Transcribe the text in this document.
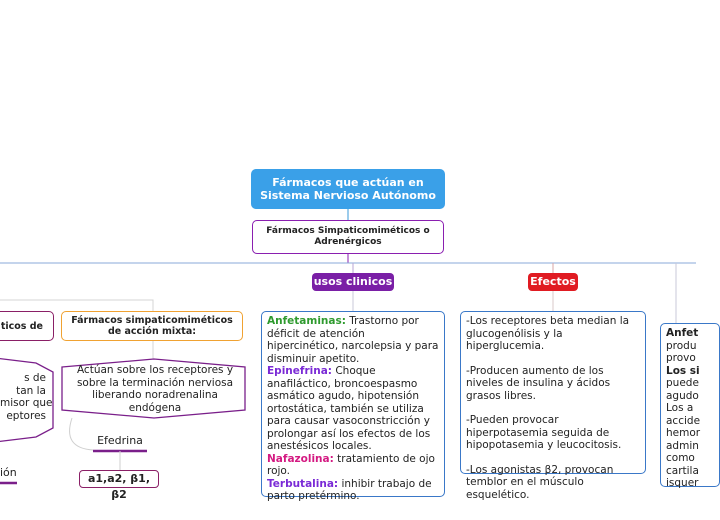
Fármacos que actúan en Sistema Nervioso Autónomo
Fármacos Simpaticomiméticos o Adrenérgicos
usos clinicos	Efectos

Anfetaminas: Trastorno por déficit de atención hipercinético, narcolepsia y para disminuir apetito.

Epinefrina: Choque anafiláctico, broncoespasmo asmático agudo, hipotensión ortostática, también se utiliza para causar vasoconstricción y prolongar así los efectos de los anestésicos locales.

Nafazolina: tratamiento de ojo rojo.

Terbutalina: inhibir trabajo de parto pretérmino.

-Los receptores beta median la glucogenólisis y la hiperglucemia.

-Producen aumento de los niveles de insulina y ácidos grasos libres.

-Pueden provocar hiperpotasemia seguida de hipopotasemia y leucocitosis.

-Los agonistas β2, provocan temblor en el músculo esquelético.

Anfet

produ

provo

Los si

puede

agudo

Los a

accide

hemor

admin

como

cartila

isquer

ticos de	Fármacos simpaticomiméticos de acción mixta:
Actúan sobre los receptores y sobre la terminación nerviosa liberando noradrenalina endógena
s de
tan la
misor que
eptores
Efedrina
a1,a2, β1, β2
ión
